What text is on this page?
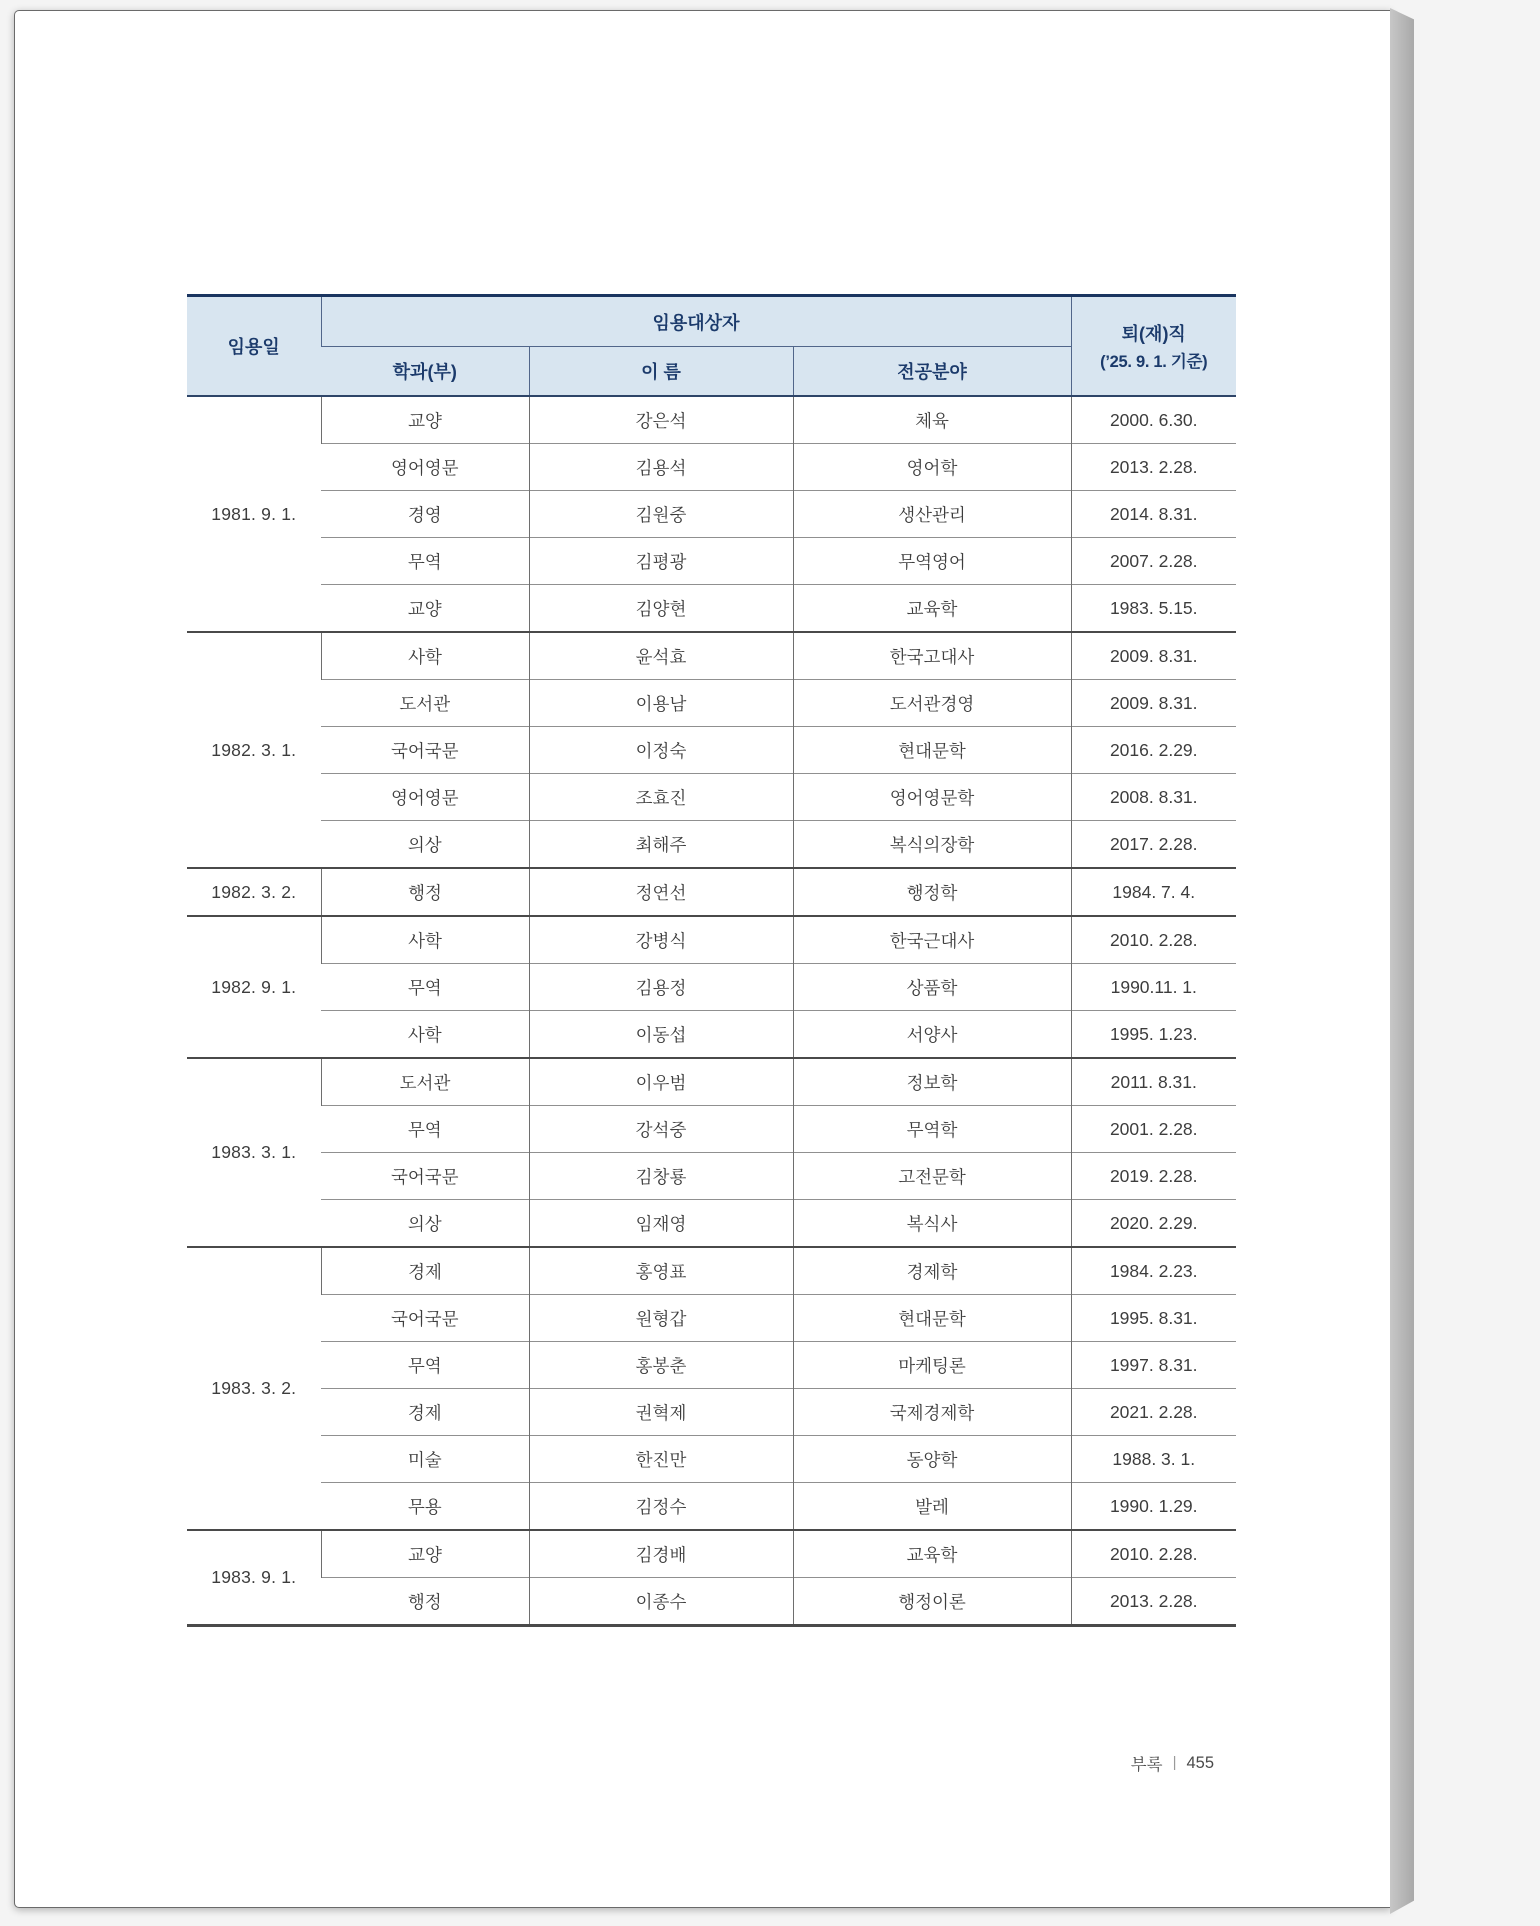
임용일	임용대상자			퇴(재)직
(’25. 9. 1. 기준)

	학과(부)	이 름	전공분야	
1981. 9. 1.	교양	강은석	체육	2000. 6.30.
	영어영문	김용석	영어학	2013. 2.28.
	경영	김원중	생산관리	2014. 8.31.
	무역	김평광	무역영어	2007. 2.28.
	교양	김양현	교육학	1983. 5.15.
1982. 3. 1.	사학	윤석효	한국고대사	2009. 8.31.
	도서관	이용남	도서관경영	2009. 8.31.
	국어국문	이정숙	현대문학	2016. 2.29.
	영어영문	조효진	영어영문학	2008. 8.31.
	의상	최해주	복식의장학	2017. 2.28.
1982. 3. 2.	행정	정연선	행정학	1984. 7. 4.
1982. 9. 1.	사학	강병식	한국근대사	2010. 2.28.
	무역	김용정	상품학	1990.11. 1.
	사학	이동섭	서양사	1995. 1.23.
1983. 3. 1.	도서관	이우범	정보학	2011. 8.31.
	무역	강석중	무역학	2001. 2.28.
	국어국문	김창룡	고전문학	2019. 2.28.
	의상	임재영	복식사	2020. 2.29.
1983. 3. 2.	경제	홍영표	경제학	1984. 2.23.
	국어국문	원형갑	현대문학	1995. 8.31.
	무역	홍봉춘	마케팅론	1997. 8.31.
	경제	권혁제	국제경제학	2021. 2.28.
	미술	한진만	동양학	1988. 3. 1.
	무용	김정수	발레	1990. 1.29.
1983. 9. 1.	교양	김경배	교육학	2010. 2.28.
	행정	이종수	행정이론	2013. 2.28.
부록 | 455
